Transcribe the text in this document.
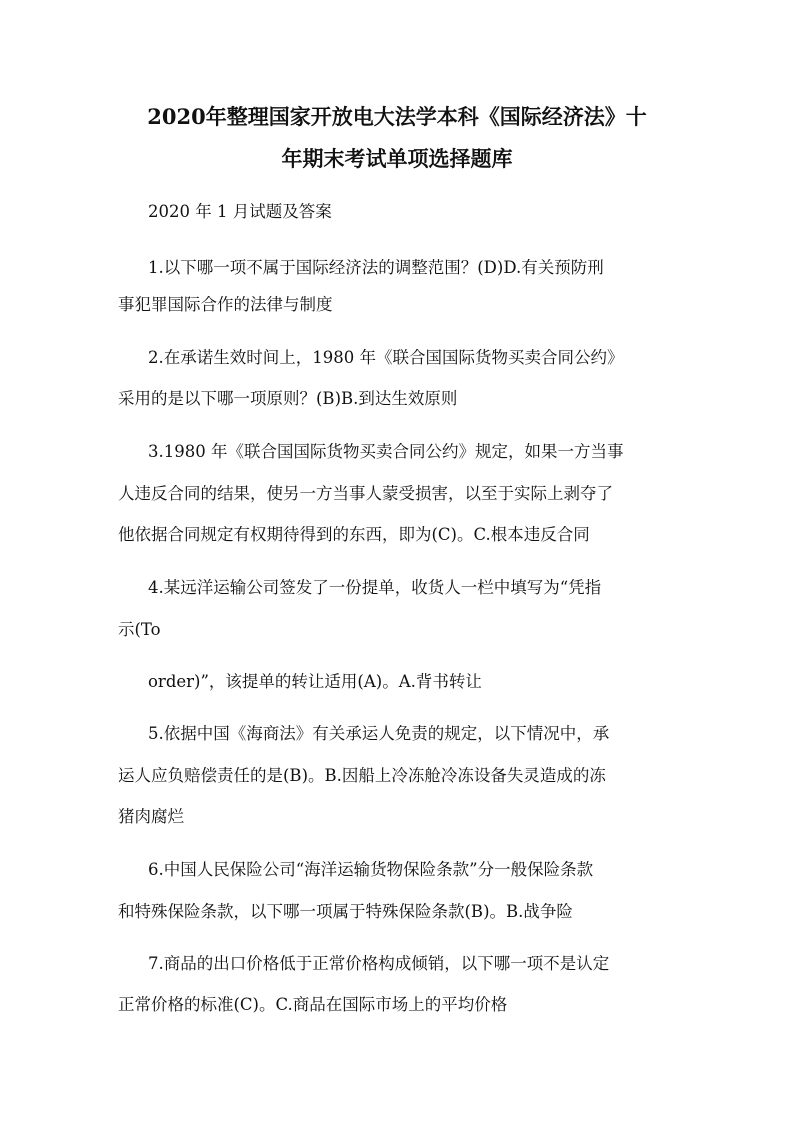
2020年整理国家开放电大法学本科《国际经济法》十
年期末考试单项选择题库

2020 年 1 月试题及答案

1.以下哪一项不属于国际经济法的调整范围？(D)D.有关预防刑

事犯罪国际合作的法律与制度

2.在承诺生效时间上，1980 年《联合国国际货物买卖合同公约》

采用的是以下哪一项原则？(B)B.到达生效原则

3.1980 年《联合国国际货物买卖合同公约》规定，如果一方当事

人违反合同的结果，使另一方当事人蒙受损害，以至于实际上剥夺了

他依据合同规定有权期待得到的东西，即为(C)。C.根本违反合同

4.某远洋运输公司签发了一份提单，收货人一栏中填写为“凭指

示(To

order)”，该提单的转让适用(A)。A.背书转让

5.依据中国《海商法》有关承运人免责的规定，以下情况中，承

运人应负赔偿责任的是(B)。B.因船上冷冻舱冷冻设备失灵造成的冻

猪肉腐烂

6.中国人民保险公司“海洋运输货物保险条款”分一般保险条款

和特殊保险条款，以下哪一项属于特殊保险条款(B)。B.战争险

7.商品的出口价格低于正常价格构成倾销，以下哪一项不是认定

正常价格的标准(C)。C.商品在国际市场上的平均价格
